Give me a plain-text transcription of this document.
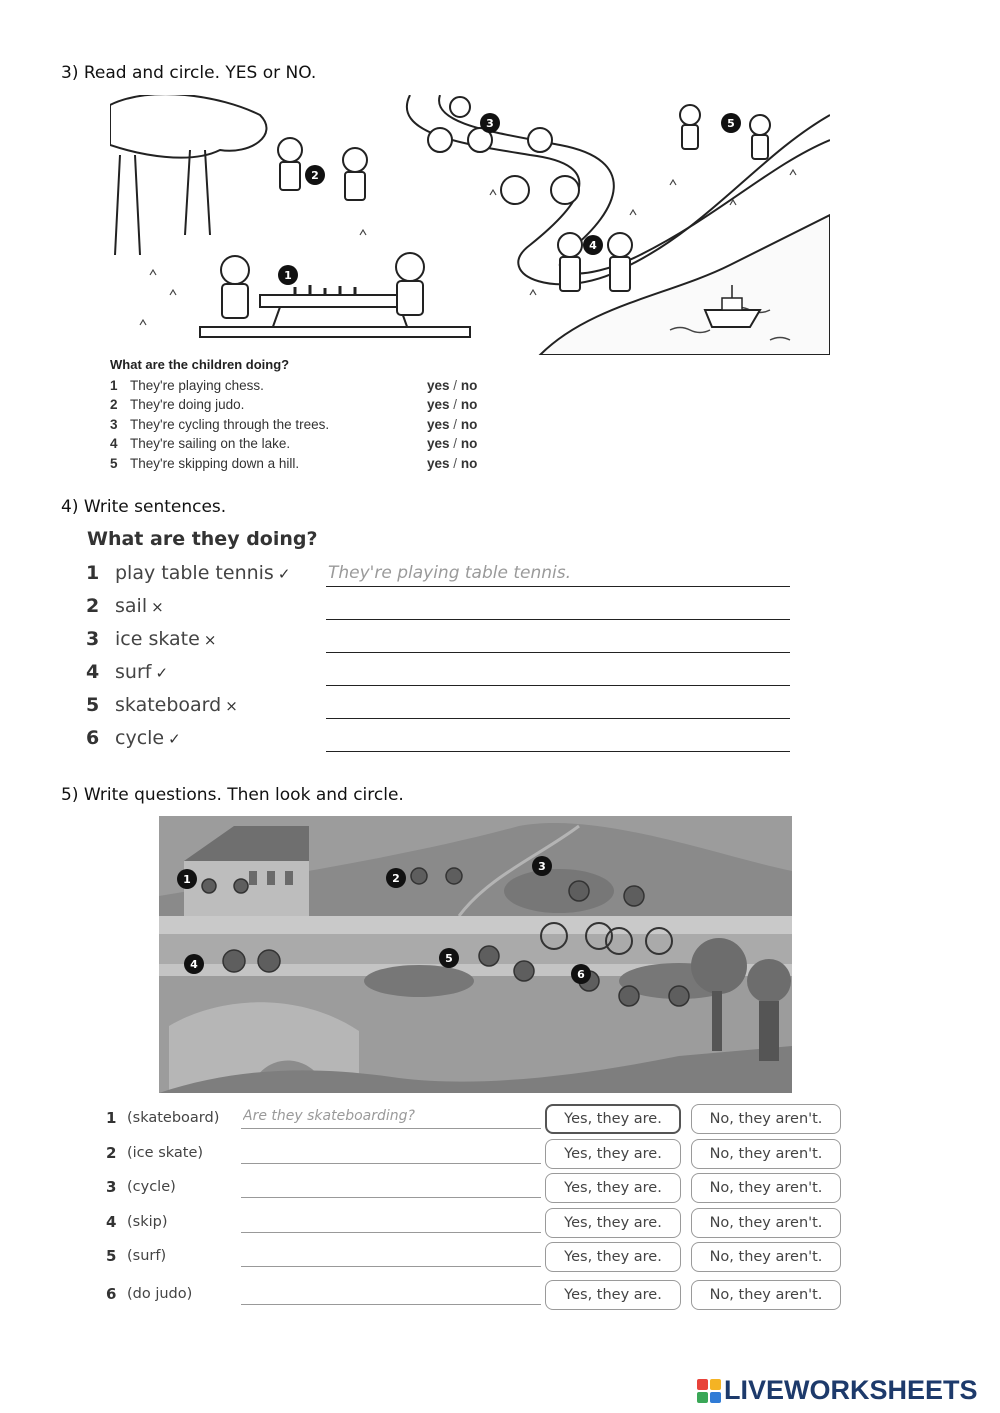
3) Read and circle. YES or NO.
1
2
3
4
5
What are the children doing?
1 They're playing chess.	yes / no
2 They're doing judo.	yes / no
3 They're cycling through the trees.	yes / no
4 They're sailing on the lake.	yes / no
5 They're skipping down a hill.	yes / no
4) Write sentences.
What are they doing?
1 play table tennis ✓
They're playing table tennis.
2 sail ×
3 ice skate ×
4 surf ✓
5 skateboard ×
6 cycle ✓
5) Write questions. Then look and circle.
1	2
3
4	5
6
1 (skateboard)
Are they skateboarding?	Yes, they are.	No, they aren't.
2 (ice skate)	Yes, they are.	No, they aren't.
3 (cycle)	Yes, they are.	No, they aren't.
4 (skip)	Yes, they are.	No, they aren't.
5 (surf)	Yes, they are.	No, they aren't.
6 (do judo)	Yes, they are.	No, they aren't.
LIVEWORKSHEETS
